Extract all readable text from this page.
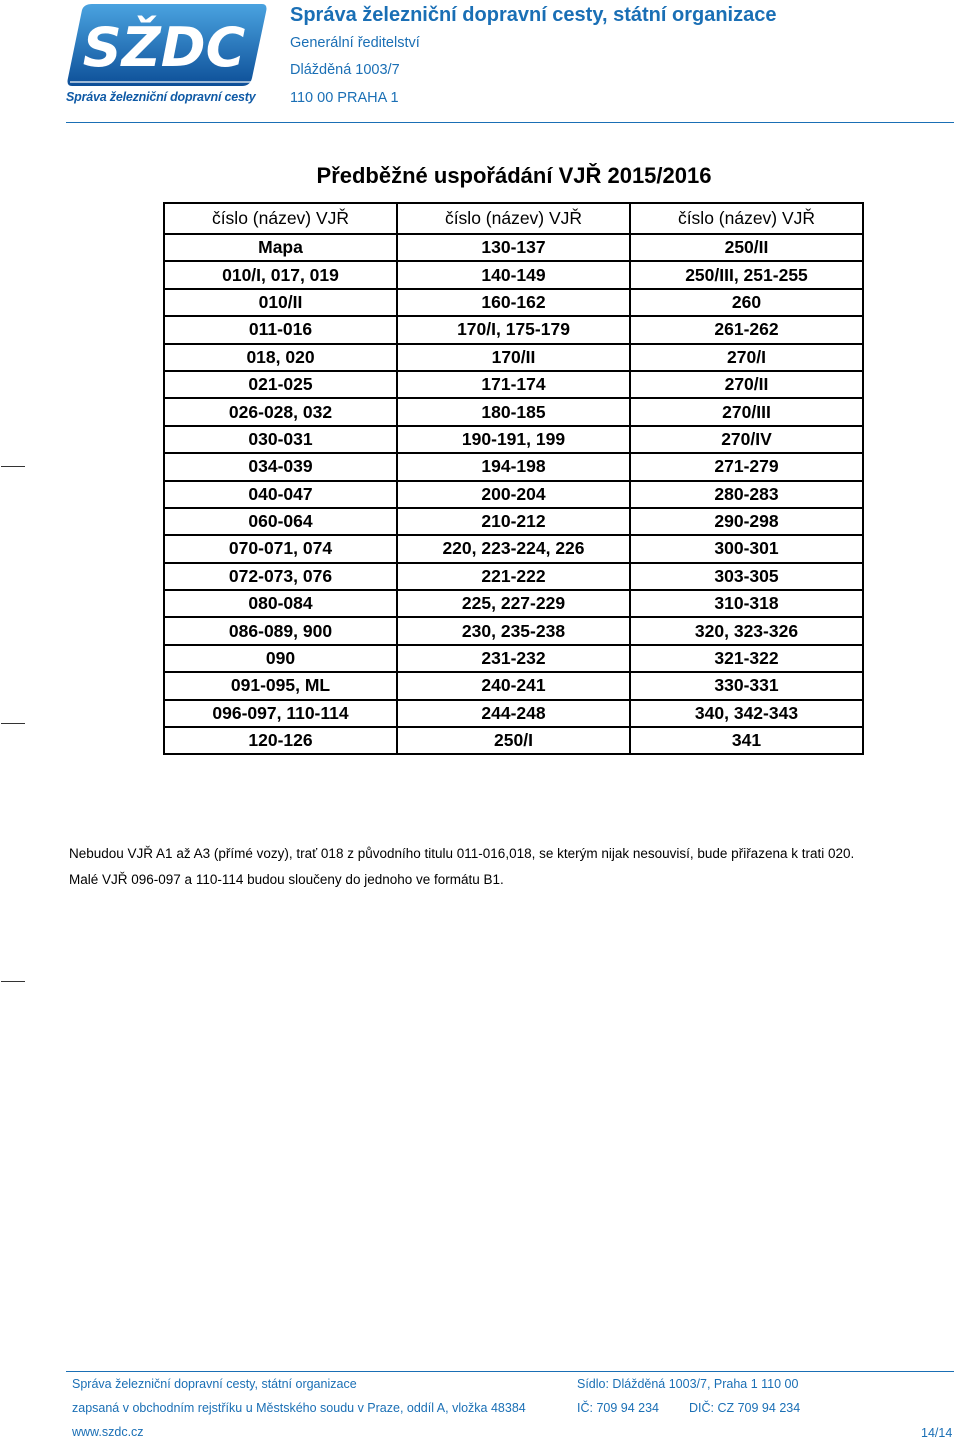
SŽDC
Správa železniční dopravní cesty
Správa železniční dopravní cesty, státní organizace
Generální ředitelství
Dlážděná 1003/7
110 00 PRAHA 1
Předběžné uspořádání VJŘ 2015/2016
číslo (název) VJŘ	číslo (název) VJŘ	číslo (název) VJŘ
Mapa	130-137	250/II
010/I, 017, 019	140-149	250/III, 251-255
010/II	160-162	260
011-016	170/I, 175-179	261-262
018, 020	170/II	270/I
021-025	171-174	270/II
026-028, 032	180-185	270/III
030-031	190-191, 199	270/IV
034-039	194-198	271-279
040-047	200-204	280-283
060-064	210-212	290-298
070-071, 074	220, 223-224, 226	300-301
072-073, 076	221-222	303-305
080-084	225, 227-229	310-318
086-089, 900	230, 235-238	320, 323-326
090	231-232	321-322
091-095, ML	240-241	330-331
096-097, 110-114	244-248	340, 342-343
120-126	250/I	341
Nebudou VJŘ A1 až A3 (přímé vozy), trať 018 z původního titulu 011-016,018, se kterým nijak nesouvisí, bude přiřazena k trati 020.
Malé VJŘ 096-097 a 110-114 budou sloučeny do jednoho ve formátu B1.
Správa železniční dopravní cesty, státní organizace	Sídlo: Dlážděná 1003/7, Praha 1 110 00
zapsaná v obchodním rejstříku u Městského soudu v Praze, oddíl A, vložka 48384	IČ: 709 94 234 DIČ: CZ 709 94 234
www.szdc.cz	14/14
